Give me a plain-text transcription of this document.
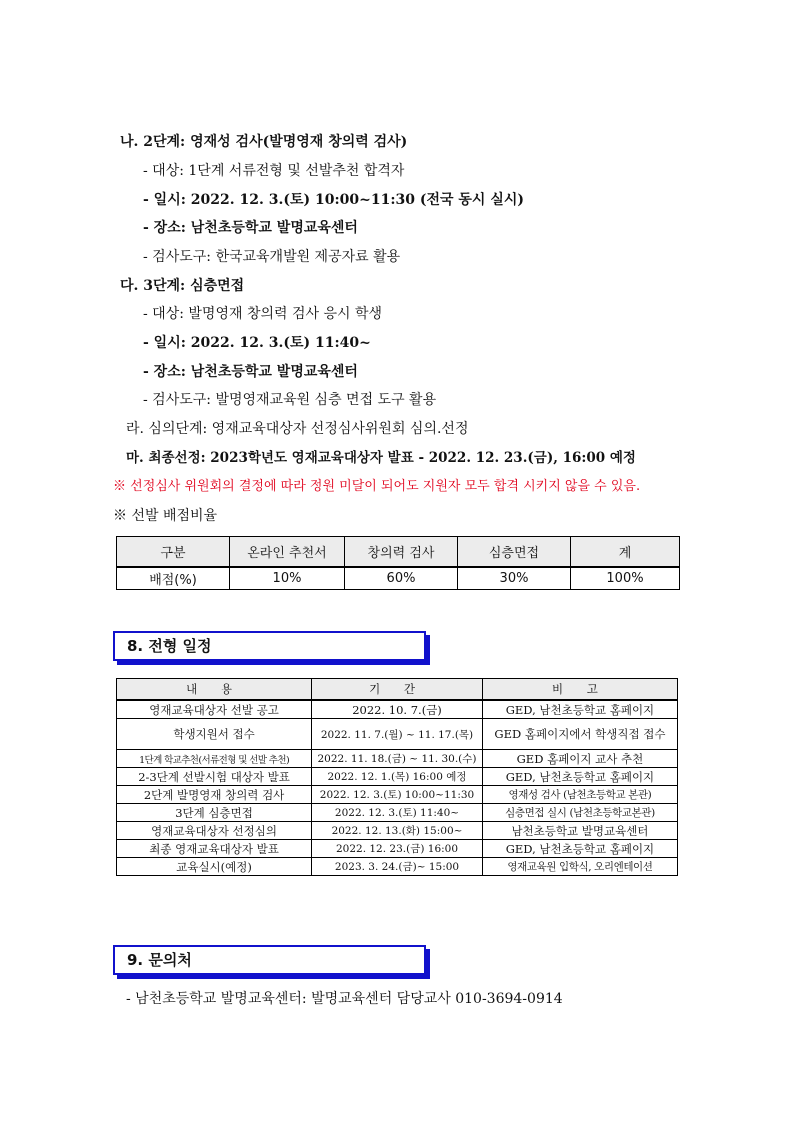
나. 2단계: 영재성 검사(발명영재 창의력 검사)
- 대상: 1단계 서류전형 및 선발추천 합격자
- 일시: 2022. 12. 3.(토) 10:00~11:30 (전국 동시 실시)
- 장소: 남천초등학교 발명교육센터
- 검사도구: 한국교육개발원 제공자료 활용
다. 3단계: 심층면접
- 대상: 발명영재 창의력 검사 응시 학생
- 일시: 2022. 12. 3.(토) 11:40~
- 장소: 남천초등학교 발명교육센터
- 검사도구: 발명영재교육원 심층 면접 도구 활용
라. 심의단계: 영재교육대상자 선정심사위원회 심의.선정
마. 최종선정: 2023학년도 영재교육대상자 발표 - 2022. 12. 23.(금), 16:00 예정
※ 선정심사 위원회의 결정에 따라 정원 미달이 되어도 지원자 모두 합격 시키지 않을 수 있음.
※ 선발 배점비율
구분	온라인 추천서	창의력 검사	심층면접	계
배점(%)	10%	60%	30%	100%
8. 전형 일정
내 용	기 간	비 고
영재교육대상자 선발 공고	2022. 10. 7.(금)	GED, 남천초등학교 홈페이지
학생지원서 접수	2022. 11. 7.(월) ~ 11. 17.(목)	GED 홈페이지에서 학생직접 접수
1단계 학교추천(서류전형 및 선발 추천)	2022. 11. 18.(금) ~ 11. 30.(수)	GED 홈페이지 교사 추천
2-3단계 선발시험 대상자 발표	2022. 12. 1.(목) 16:00 예정	GED, 남천초등학교 홈페이지
2단계 발명영재 창의력 검사	2022. 12. 3.(토) 10:00~11:30	영재성 검사 (남천초등학교 본관)
3단계 심층면접	2022. 12. 3.(토) 11:40~	심층면접 실시 (남천초등학교본관)
영재교육대상자 선정심의	2022. 12. 13.(화) 15:00~	남천초등학교 발명교육센터
최종 영재교육대상자 발표	2022. 12. 23.(금) 16:00	GED, 남천초등학교 홈페이지
교육실시(예정)	2023. 3. 24.(금)~ 15:00	영재교육원 입학식, 오리엔테이션
9. 문의처
- 남천초등학교 발명교육센터: 발명교육센터 담당교사 010-3694-0914
